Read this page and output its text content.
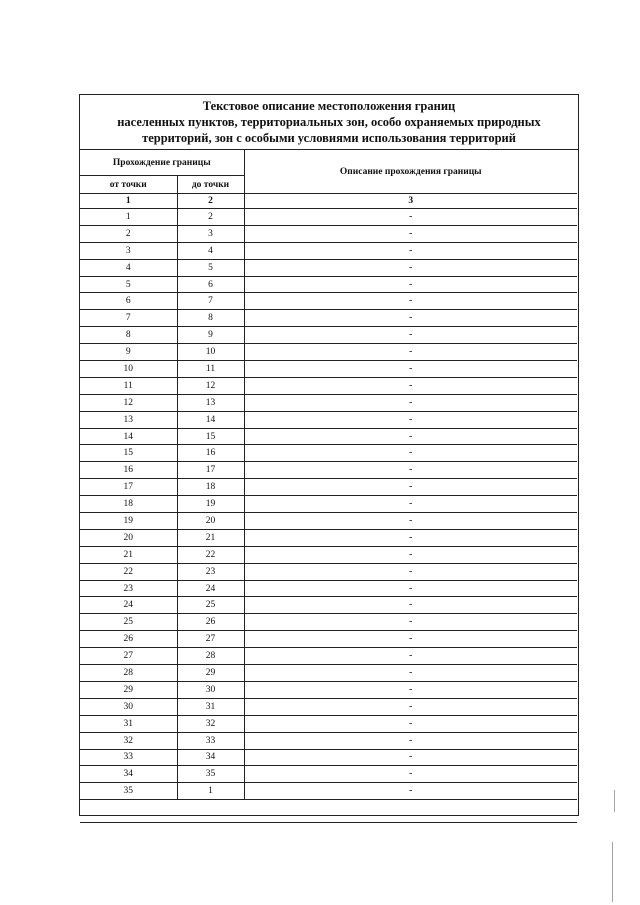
Текстовое описание местоположения границ
населенных пунктов, территориальных зон, особо охраняемых природных
территорий, зон с особыми условиями использования территорий
Прохождение границы		Описание прохождения границы
от точки	до точки	
1	2	3
1	2	-
2	3	-
3	4	-
4	5	-
5	6	-
6	7	-
7	8	-
8	9	-
9	10	-
10	11	-
11	12	-
12	13	-
13	14	-
14	15	-
15	16	-
16	17	-
17	18	-
18	19	-
19	20	-
20	21	-
21	22	-
22	23	-
23	24	-
24	25	-
25	26	-
26	27	-
27	28	-
28	29	-
29	30	-
30	31	-
31	32	-
32	33	-
33	34	-
34	35	-
35	1	-
